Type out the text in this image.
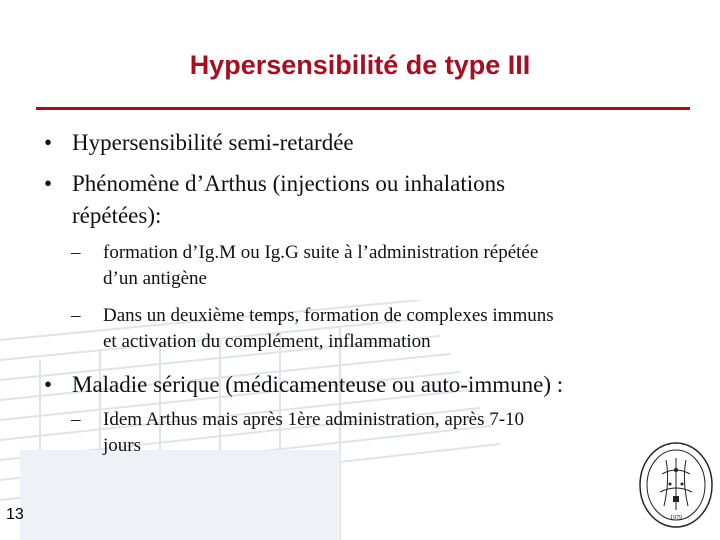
Hypersensibilité de type III
• Hypersensibilité semi-retardée
• Phénomène d’Arthus (injections ou inhalations
répétées):
– formation d’Ig.M ou Ig.G suite à l’administration répétée
d’un antigène
– Dans un deuxième temps, formation de complexes immuns
et activation du complément, inflammation
• Maladie sérique (médicamenteuse ou auto-immune) :
– Idem Arthus mais après 1ère administration, après 7-10
jours
13	1979
